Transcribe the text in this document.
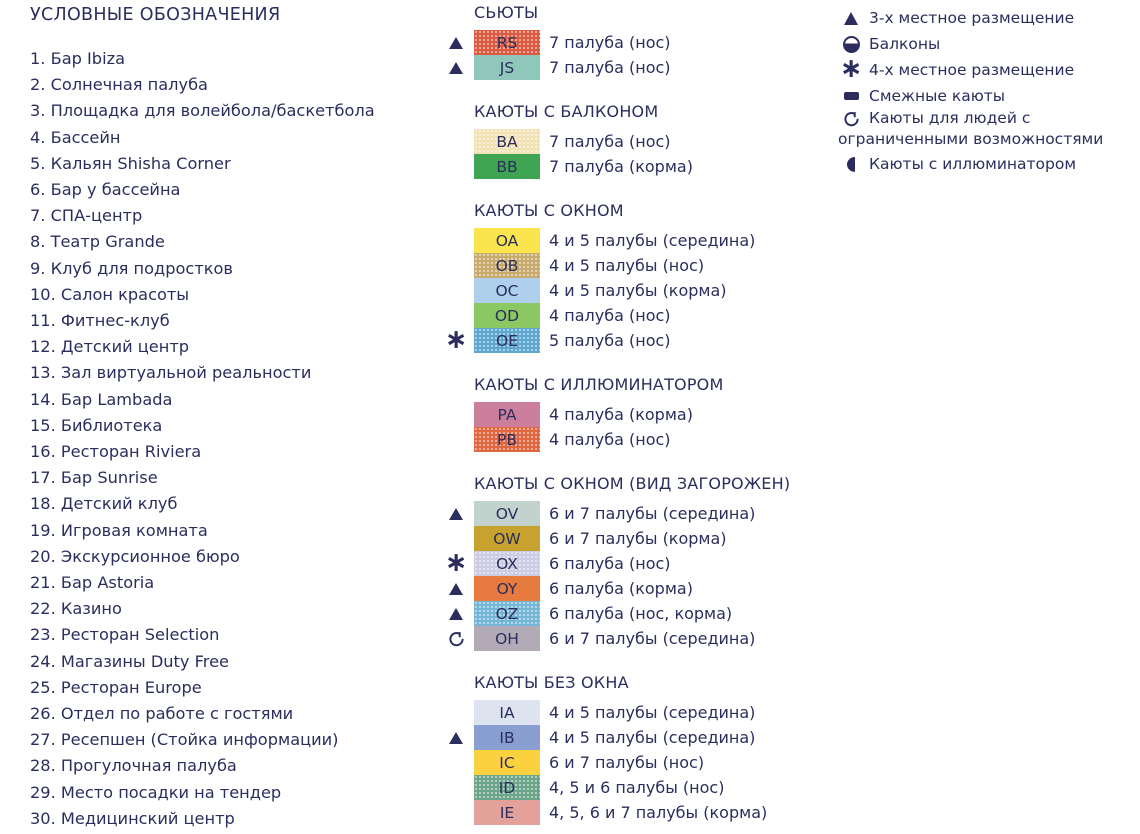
УСЛОВНЫЕ ОБОЗНАЧЕНИЯ
1. Бар Ibiza
2. Солнечная палуба
3. Площадка для волейбола/баскетбола
4. Бассейн
5. Кальян Shisha Corner
6. Бар у бассейна
7. СПА-центр
8. Театр Grande
9. Клуб для подростков
10. Салон красоты
11. Фитнес-клуб
12. Детский центр
13. Зал виртуальной реальности
14. Бар Lambada
15. Библиотека
16. Ресторан Riviera
17. Бар Sunrise
18. Детский клуб
19. Игровая комната
20. Экскурсионное бюро
21. Бар Astoria
22. Казино
23. Ресторан Selection
24. Магазины Duty Free
25. Ресторан Europe
26. Отдел по работе с гостями
27. Ресепшен (Стойка информации)
28. Прогулочная палуба
29. Место посадки на тендер
30. Медицинский центр
СЬЮТЫ
RS	7 палуба (нос)
JS	7 палуба (нос)
КАЮТЫ С БАЛКОНОМ
BA	7 палуба (нос)
BB	7 палуба (корма)
КАЮТЫ С ОКНОМ
OA	4 и 5 палубы (середина)
OB	4 и 5 палубы (нос)
OC	4 и 5 палубы (корма)
OD	4 палуба (нос)
∗
OE	5 палуба (нос)
КАЮТЫ С ИЛЛЮМИНАТОРОМ
PA	4 палуба (корма)
PB	4 палуба (нос)
КАЮТЫ С ОКНОМ (ВИД ЗАГОРОЖЕН)
OV	6 и 7 палубы (середина)
OW	6 и 7 палубы (корма)
∗
OX	6 палуба (нос)
OY	6 палуба (корма)
OZ	6 палуба (нос, корма)
OH	6 и 7 палубы (середина)
КАЮТЫ БЕЗ ОКНА
IA	4 и 5 палубы (середина)
IB	4 и 5 палубы (середина)
IC	6 и 7 палубы (нос)
ID	4, 5 и 6 палубы (нос)
IE	4, 5, 6 и 7 палубы (корма)
3-х местное размещение
Балконы
∗
4-х местное размещение
Смежные каюты
Каюты для людей с
ограниченными возможностями
Каюты с иллюминатором
